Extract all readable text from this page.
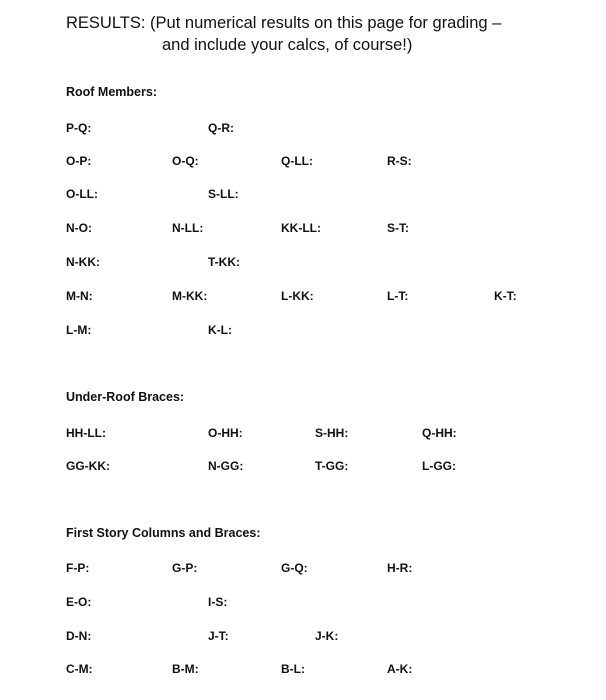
RESULTS: (Put numerical results on this page for grading –
and include your calcs, of course!)
Roof Members:
P-Q:	Q-R:
O-P:	O-Q:	Q-LL:	R-S:
O-LL:	S-LL:
N-O:	N-LL:	KK-LL:	S-T:
N-KK:	T-KK:
M-N:	M-KK:	L-KK:	L-T:	K-T:
L-M:	K-L:
Under-Roof Braces:
HH-LL:	O-HH:	S-HH:	Q-HH:
GG-KK:	N-GG:	T-GG:	L-GG:
First Story Columns and Braces:
F-P:	G-P:	G-Q:	H-R:
E-O:	I-S:
D-N:	J-T:	J-K:
C-M:	B-M:	B-L:	A-K:
